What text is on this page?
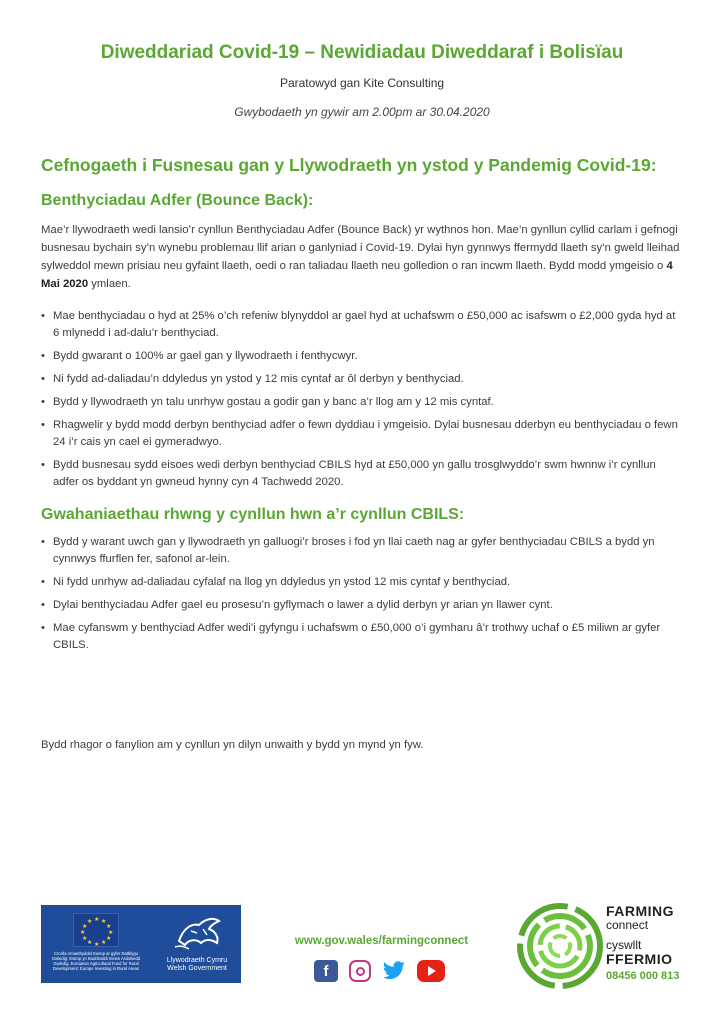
Diweddariad Covid-19 – Newidiadau Diweddaraf i Bolisïau
Paratowyd gan Kite Consulting
Gwybodaeth yn gywir am 2.00pm ar 30.04.2020
Cefnogaeth i Fusnesau gan y Llywodraeth yn ystod y Pandemig Covid-19:
Benthyciadau Adfer (Bounce Back):

Mae’r llywodraeth wedi lansio’r cynllun Benthyciadau Adfer (Bounce Back) yr wythnos hon. Mae’n gynllun cyllid carlam i gefnogi busnesau bychain sy’n wynebu problemau llif arian o ganlyniad i Covid-19. Dylai hyn gynnwys ffermydd llaeth sy’n gweld lleihad sylweddol mewn prisiau neu gyfaint llaeth, oedi o ran taliadau llaeth neu golledion o ran incwm llaeth. Bydd modd ymgeisio o 4 Mai 2020 ymlaen.

• Mae benthyciadau o hyd at 25% o’ch refeniw blynyddol ar gael hyd at uchafswm o £50,000 ac isafswm o £2,000 gyda hyd at 6 mlynedd i ad-dalu’r benthyciad.
• Bydd gwarant o 100% ar gael gan y llywodraeth i fenthycwyr.
• Ni fydd ad-daliadau’n ddyledus yn ystod y 12 mis cyntaf ar ôl derbyn y benthyciad.
• Bydd y llywodraeth yn talu unrhyw gostau a godir gan y banc a’r llog am y 12 mis cyntaf.
• Rhagwelir y bydd modd derbyn benthyciad adfer o fewn dyddiau i ymgeisio. Dylai busnesau dderbyn eu benthyciadau o fewn 24 i’r cais yn cael ei gymeradwyo.
• Bydd busnesau sydd eisoes wedi derbyn benthyciad CBILS hyd at £50,000 yn gallu trosglwyddo’r swm hwnnw i’r cynllun adfer os byddant yn gwneud hynny cyn 4 Tachwedd 2020.
Gwahaniaethau rhwng y cynllun hwn a’r cynllun CBILS:
• Bydd y warant uwch gan y llywodraeth yn galluogi’r broses i fod yn llai caeth nag ar gyfer benthyciadau CBILS a bydd yn cynnwys ffurflen fer, safonol ar-lein.
• Ni fydd unrhyw ad-daliadau cyfalaf na llog yn ddyledus yn ystod 12 mis cyntaf y benthyciad.
• Dylai benthyciadau Adfer gael eu prosesu’n gyflymach o lawer a dylid derbyn yr arian yn llawer cynt.
• Mae cyfanswm y benthyciad Adfer wedi’i gyfyngu i uchafswm o £50,000 o’i gymharu â’r trothwy uchaf o £5 miliwn ar gyfer CBILS.
Bydd rhagor o fanylion am y cynllun yn dilyn unwaith y bydd yn mynd yn fyw.
★ ★
★
★
★
★
★
★
★
★
★
★
Cronfa Amaethyddol Ewrop ar gyfer Datblygu Gwledig: Ewrop yn Buddsoddi mewn Ardaloedd Gwledig. European Agricultural Fund for Rural Development: Europe Investing in Rural Areas
Llywodraeth Cymru
Welsh Government
www.gov.wales/farmingconnect
f
FARMING
connect
cyswllt
FFERMIO
08456 000 813
